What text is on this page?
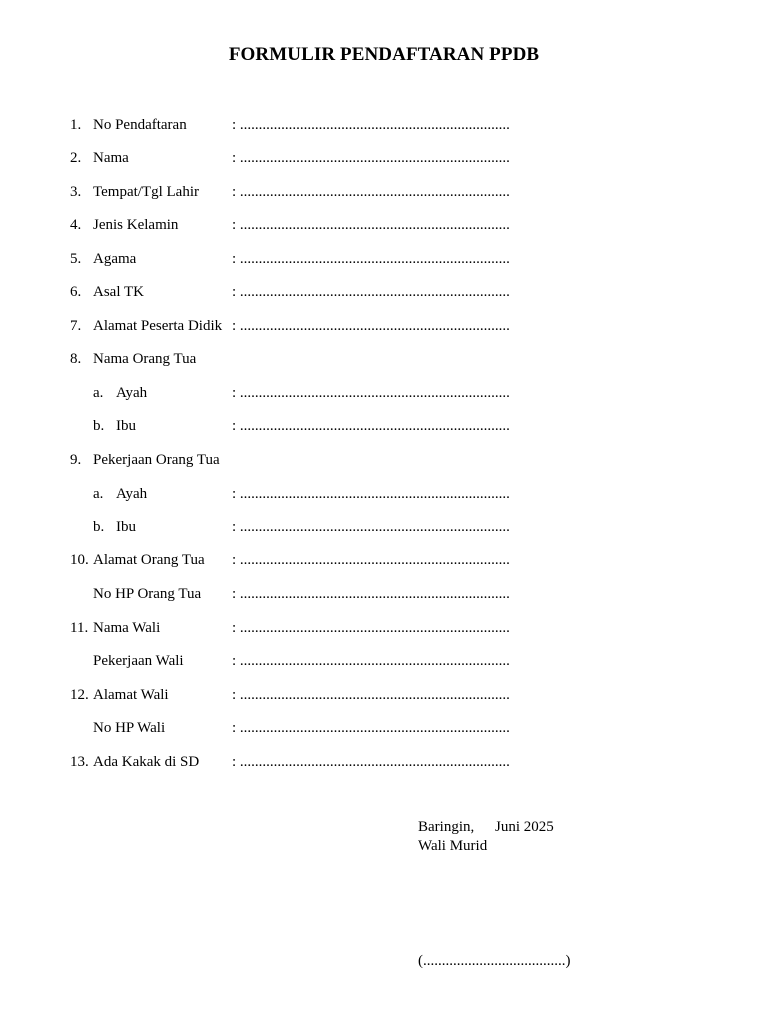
FORMULIR PENDAFTARAN PPDB
1. No Pendaftaran	: ........................................................................
2. Nama	: ........................................................................
3. Tempat/Tgl Lahir : ........................................................................
4. Jenis Kelamin	: ........................................................................
5. Agama	: ........................................................................
6. Asal TK	: ........................................................................
7. Alamat Peserta Didik : ........................................................................
8. Nama Orang Tua
a. Ayah	: ........................................................................
b. Ibu	: ........................................................................
9. Pekerjaan Orang Tua
a. Ayah	: ........................................................................
b. Ibu	: ........................................................................
10. Alamat Orang Tua : ........................................................................
No HP Orang Tua : ........................................................................
11. Nama Wali	: ........................................................................
Pekerjaan Wali	: ........................................................................
12. Alamat Wali	: ........................................................................
No HP Wali	: ........................................................................
13. Ada Kakak di SD : ........................................................................
Baringin, Juni 2025
Wali Murid
(......................................)
